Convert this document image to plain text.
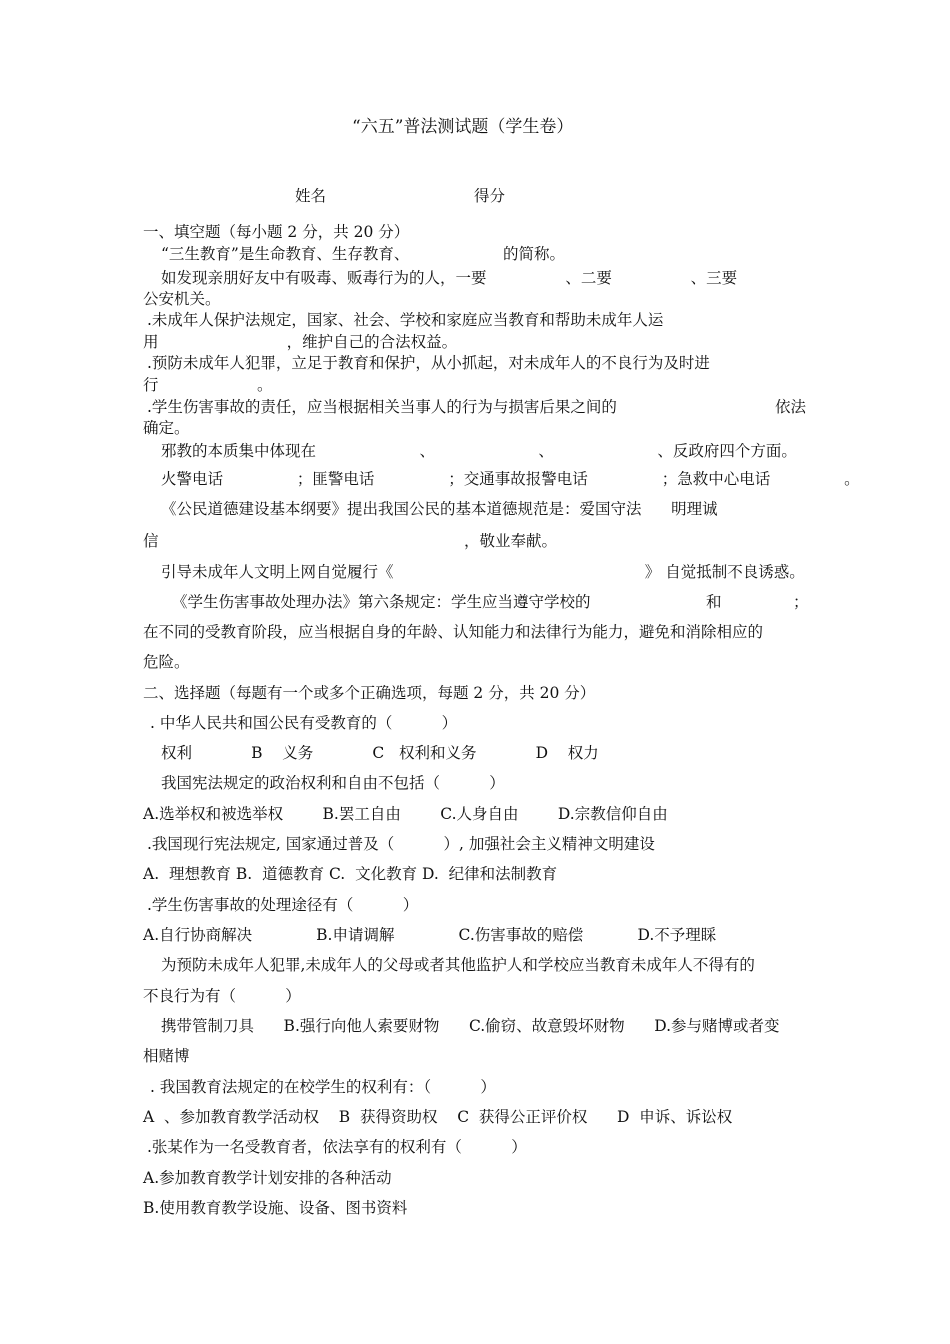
“六五”普法测试题（学生卷）
姓名	得分
一、填空题（每小题 2 分，共 20 分）
“三生教育”是生命教育、生存教育、                   的简称。
如发现亲朋好友中有吸毒、贩毒行为的人，一要                、二要                、三要
公安机关。
.未成年人保护法规定，国家、社会、学校和家庭应当教育和帮助未成年人运
用                          ，维护自己的合法权益。
.预防未成年人犯罪，立足于教育和保护，从小抓起，对未成年人的不良行为及时进
行                    。
.学生伤害事故的责任，应当根据相关当事人的行为与损害后果之间的	依法
确定。
邪教的本质集中体现在                     、                     、                     、反政府四个方面。
火警电话               ；匪警电话               ；交通事故报警电话               ；急救中心电话               。
《公民道德建设基本纲要》提出我国公民的基本道德规范是：爱国守法      明理诚
信                                                              ，敬业奉献。
引导未成年人文明上网自觉履行《                                                   》 自觉抵制不良诱惑。
《学生伤害事故处理办法》第六条规定：学生应当遵守学校的	和	；
在不同的受教育阶段，应当根据自身的年龄、认知能力和法律行为能力，避免和消除相应的
危险。
二、选择题（每题有一个或多个正确选项，每题 2 分，共 20 分）
. 中华人民共和国公民有受教育的（          ）
权利            B    义务            C   权利和义务            D    权力
我国宪法规定的政治权利和自由不包括（          ）
A.选举权和被选举权        B.罢工自由        C.人身自由        D.宗教信仰自由
.我国现行宪法规定, 国家通过普及（          ）, 加强社会主义精神文明建设
A.  理想教育 B.  道德教育 C.  文化教育 D.  纪律和法制教育
.学生伤害事故的处理途径有（          ）
A.自行协商解决             B.申请调解             C.伤害事故的赔偿           D.不予理睬
为预防未成年人犯罪,未成年人的父母或者其他监护人和学校应当教育未成年人不得有的
不良行为有（          ）
携带管制刀具      B.强行向他人索要财物      C.偷窃、故意毁坏财物      D.参与赌博或者变
相赌博
. 我国教育法规定的在校学生的权利有：（          ）
A  、参加教育教学活动权    B  获得资助权    C  获得公正评价权      D  申诉、诉讼权
.张某作为一名受教育者，依法享有的权利有（          ）
A.参加教育教学计划安排的各种活动
B.使用教育教学设施、设备、图书资料
